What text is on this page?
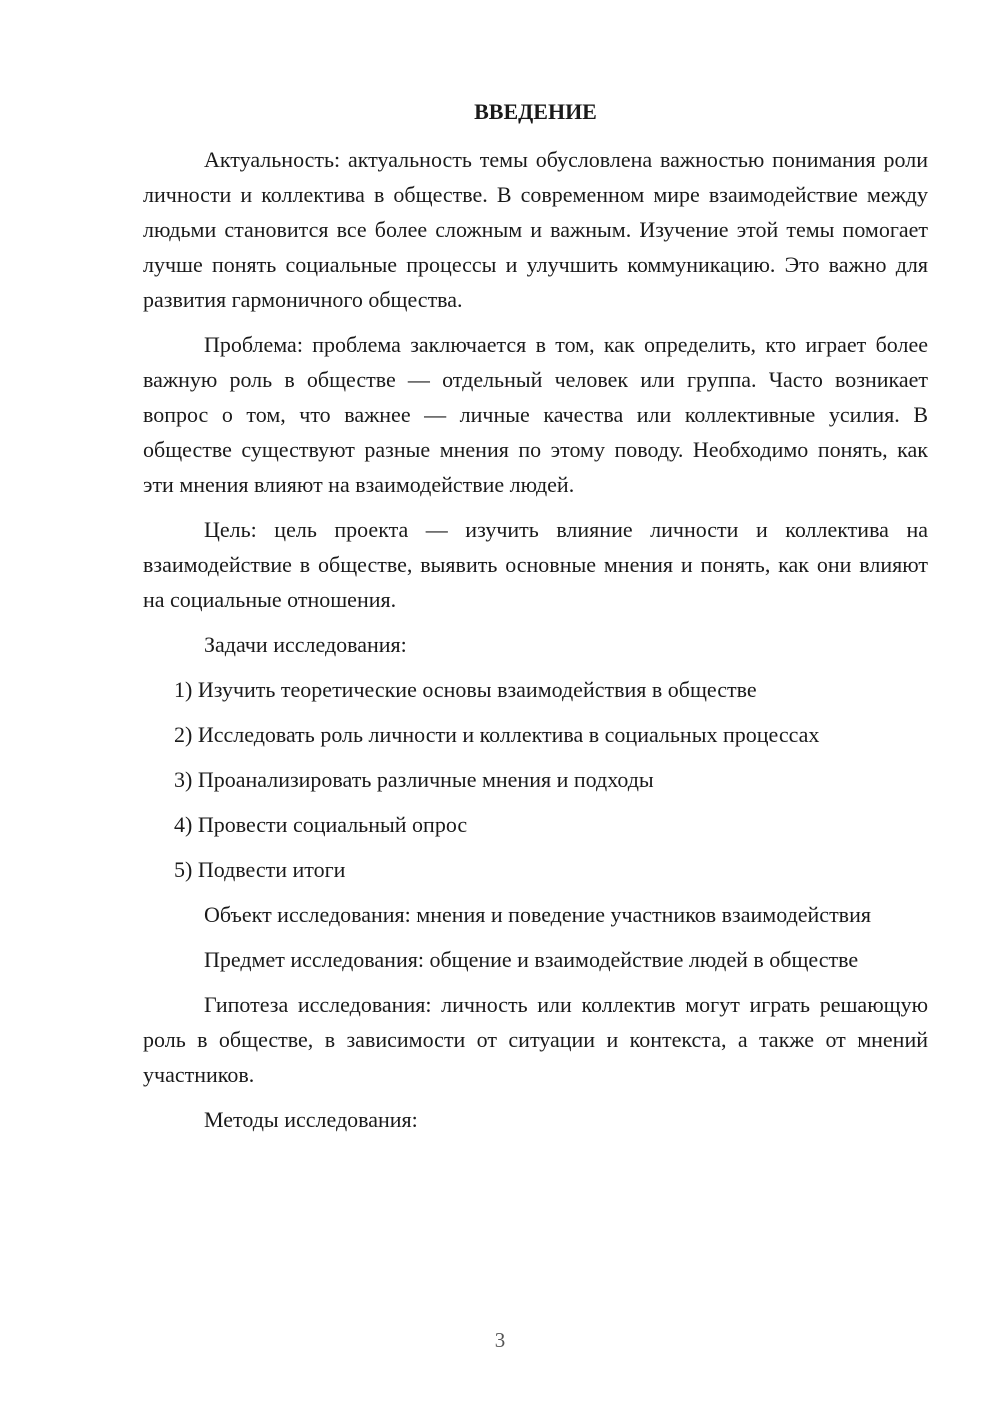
ВВЕДЕНИЕ

Актуальность: актуальность темы обусловлена важностью понимания роли личности и коллектива в обществе. В современном мире взаимодействие между людьми становится все более сложным и важным. Изучение этой темы помогает лучше понять социальные процессы и улучшить коммуникацию. Это важно для развития гармоничного общества.

Проблема: проблема заключается в том, как определить, кто играет более важную роль в обществе — отдельный человек или группа. Часто возникает вопрос о том, что важнее — личные качества или коллективные усилия. В обществе существуют разные мнения по этому поводу. Необходимо понять, как эти мнения влияют на взаимодействие людей.

Цель: цель проекта — изучить влияние личности и коллектива на взаимодействие в обществе, выявить основные мнения и понять, как они влияют на социальные отношения.

Задачи исследования:

1) Изучить теоретические основы взаимодействия в обществе

2) Исследовать роль личности и коллектива в социальных процессах

3) Проанализировать различные мнения и подходы

4) Провести социальный опрос

5) Подвести итоги

Объект исследования: мнения и поведение участников взаимодействия

Предмет исследования: общение и взаимодействие людей в обществе

Гипотеза исследования: личность или коллектив могут играть решающую роль в обществе, в зависимости от ситуации и контекста, а также от мнений участников.

Методы исследования:

3
